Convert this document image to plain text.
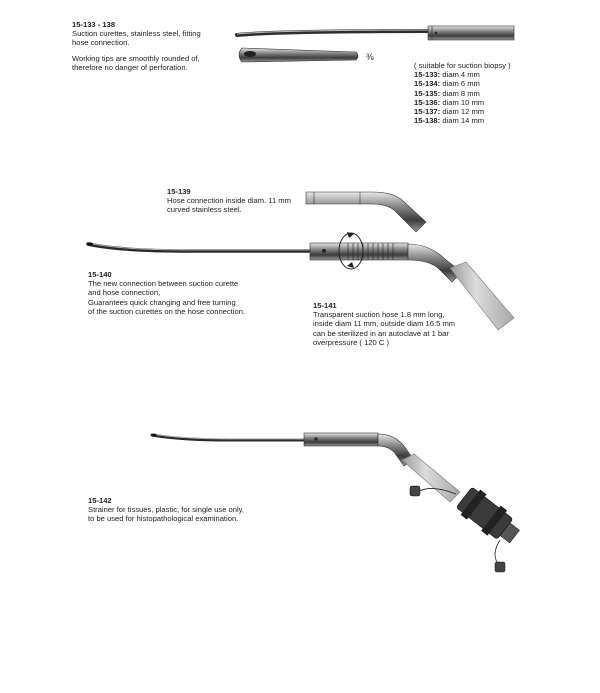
⅜
15-133 - 138
Suction curettes, stainless steel, fitting
hose connection.
Working tips are smoothly rounded of,
therefore no danger of perforation.	( suitable for suction biopsy )
15-133: diam 4 mm
15-134: diam 6 mm
15-135: diam 8 mm
15-136: diam 10 mm
15-137: diam 12 mm
15-138: diam 14 mm
15-139
Hose connection inside diam. 11 mm
curved stainless steel.
15-140
The new connection between suction curette
and hose connection,
Guarantees quick changing and free turning
of the suction curettes on the hose connection.
15-141
Transparent suction hose 1.8 mm long,
inside diam 11 mm, outside diam 16.5 mm
can be sterilized in an autoclave at 1 bar
overpressure ( 120 C )
15-142
Strainer for tissues, plastic, for single use only,
to be used for histopathological examination.
